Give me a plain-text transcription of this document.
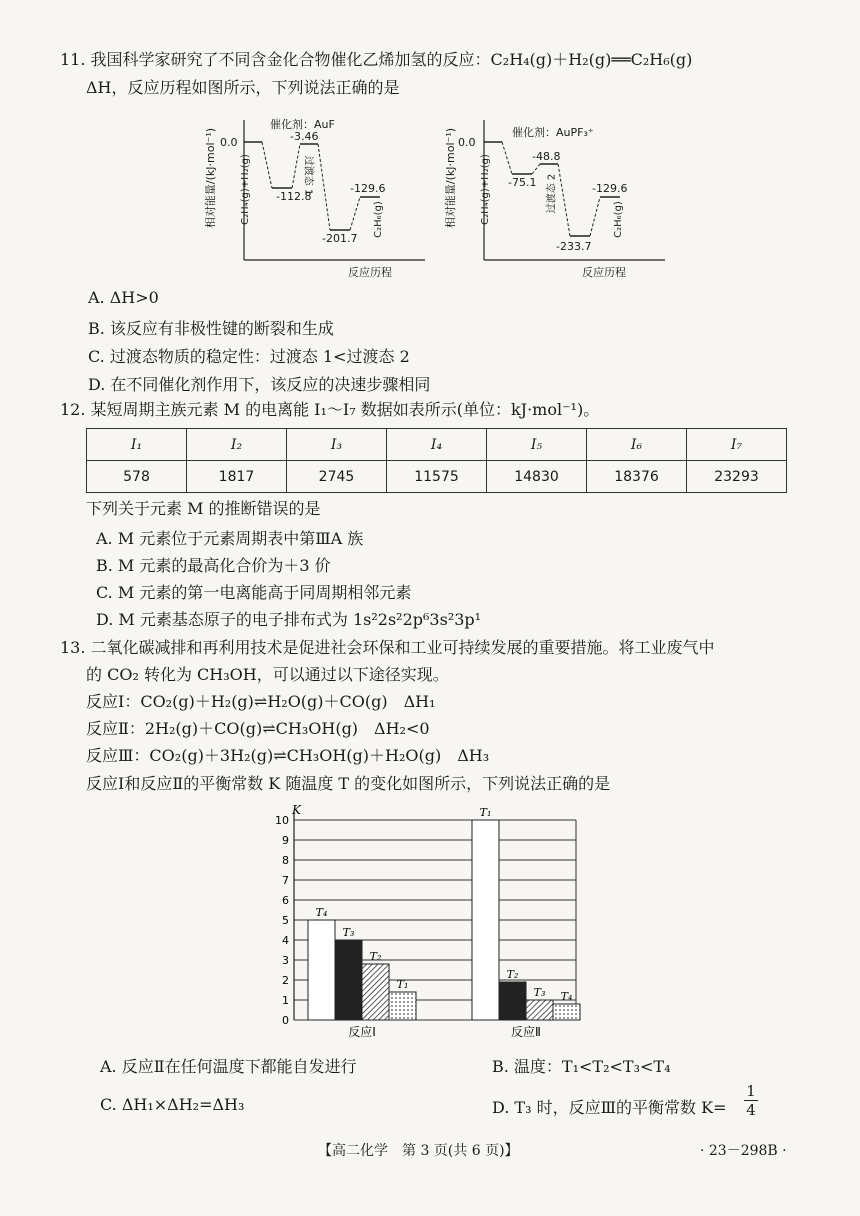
11. 我国科学家研究了不同含金化合物催化乙烯加氢的反应：C₂H₄(g)＋H₂(g)══C₂H₆(g)
ΔH，反应历程如图所示，下列说法正确的是
0.0
-112.8
-3.46
-201.7
-129.6
催化剂：AuF
反应历程
相对能量/(kJ·mol⁻¹) C₂H₄(g)+H₂(g)	过渡态 1
C₂H₆(g)
0.0
-75.1
-48.8
-233.7
-129.6
催化剂：AuPF₃⁺
反应历程
相对能量/(kJ·mol⁻¹) C₂H₄(g)+H₂(g)	过渡态 2
C₂H₆(g)
A. ΔH>0
B. 该反应有非极性键的断裂和生成
C. 过渡态物质的稳定性：过渡态 1<过渡态 2
D. 在不同催化剂作用下，该反应的决速步骤相同
12. 某短周期主族元素 M 的电离能 I₁～I₇ 数据如表所示(单位：kJ·mol⁻¹)。
I₁	I₂	I₃	I₄	I₅	I₆	I₇
578	1817	2745	11575	14830	18376	23293
下列关于元素 M 的推断错误的是
A. M 元素位于元素周期表中第ⅢA 族
B. M 元素的最高化合价为＋3 价
C. M 元素的第一电离能高于同周期相邻元素
D. M 元素基态原子的电子排布式为 1s²2s²2p⁶3s²3p¹
13. 二氧化碳减排和再利用技术是促进社会环保和工业可持续发展的重要措施。将工业废气中
的 CO₂ 转化为 CH₃OH，可以通过以下途径实现。
反应Ⅰ：CO₂(g)＋H₂(g)⇌H₂O(g)＋CO(g)　ΔH₁
反应Ⅱ：2H₂(g)＋CO(g)⇌CH₃OH(g)　ΔH₂<0
反应Ⅲ：CO₂(g)＋3H₂(g)⇌CH₃OH(g)＋H₂O(g)　ΔH₃
反应Ⅰ和反应Ⅱ的平衡常数 K 随温度 T 的变化如图所示，下列说法正确的是
0
1
2
3
4
5
6
7
8
9
10
K
T₄
T₃
T₂
T₁
反应Ⅰ
T₁
T₂
T₃ T₄
反应Ⅱ
A. 反应Ⅱ在任何温度下都能自发进行	B. 温度：T₁<T₂<T₃<T₄
C. ΔH₁×ΔH₂=ΔH₃	D. T₃ 时，反应Ⅲ的平衡常数 $K= \frac{1}{4}$
【高二化学　第 3 页(共 6 页)】	· 23－298B ·
